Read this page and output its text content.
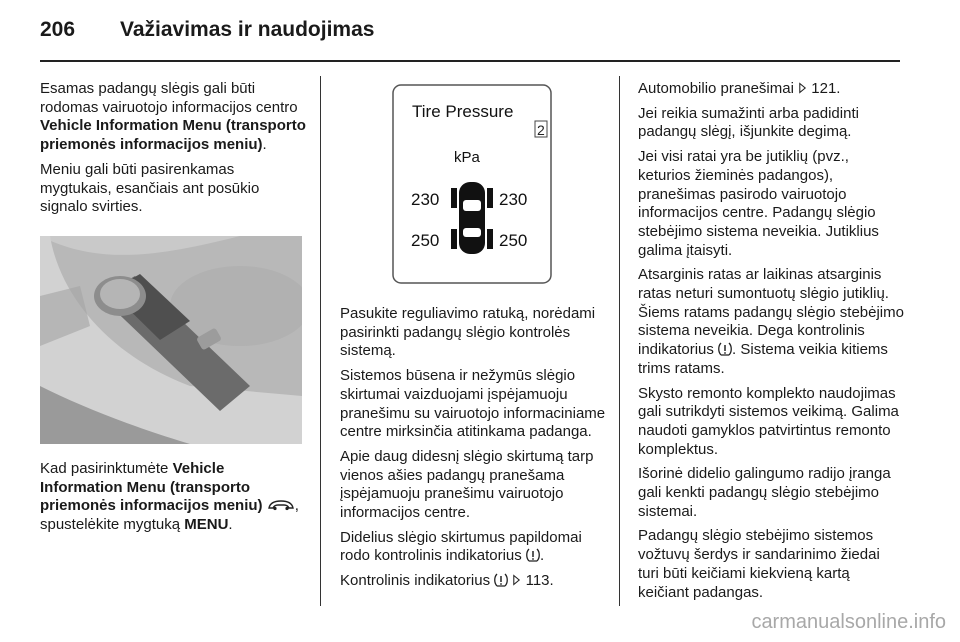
206 Važiavimas ir naudojimas

Esamas padangų slėgis gali būti rodomas vairuotojo informacijos centro Vehicle Information Menu (transporto priemonės informacijos meniu).

Meniu gali būti pasirenkamas mygtukais, esančiais ant posūkio signalo svirties.

Kad pasirinktumėte Vehicle Information Menu (transporto priemonės informacijos meniu) , spustelėkite mygtuką MENU.

Tire Pressure
2
kPa
230	230
250	250

Pasukite reguliavimo ratuką, norėdami pasirinkti padangų slėgio kontrolės sistemą.

Sistemos būsena ir nežymūs slėgio skirtumai vaizduojami įspėjamuoju pranešimu su vairuotojo informaciniame centre mirksinčia atitinkama padanga.

Apie daug didesnį slėgio skirtumą tarp vienos ašies padangų pranešama įspėjamuoju pranešimu vairuotojo informacijos centre.

Didelius slėgio skirtumus papildomai rodo kontrolinis indikatorius .

Kontrolinis indikatorius 113.

Automobilio pranešimai 121.

Jei reikia sumažinti arba padidinti padangų slėgį, išjunkite degimą.

Jei visi ratai yra be jutiklių (pvz., keturios žieminės padangos), pranešimas pasirodo vairuotojo informacijos centre. Padangų slėgio stebėjimo sistema neveikia. Jutiklius galima įtaisyti.

Atsarginis ratas ar laikinas atsarginis ratas neturi sumontuotų slėgio jutiklių. Šiems ratams padangų slėgio stebėjimo sistema neveikia. Dega kontrolinis indikatorius . Sistema veikia kitiems trims ratams.

Skysto remonto komplekto naudojimas gali sutrikdyti sistemos veikimą. Galima naudoti gamyklos patvirtintus remonto komplektus.

Išorinė didelio galingumo radijo įranga gali kenkti padangų slėgio stebėjimo sistemai.

Padangų slėgio stebėjimo sistemos vožtuvų šerdys ir sandarinimo žiedai turi būti keičiami kiekvieną kartą keičiant padangas.

carmanualsonline.info
